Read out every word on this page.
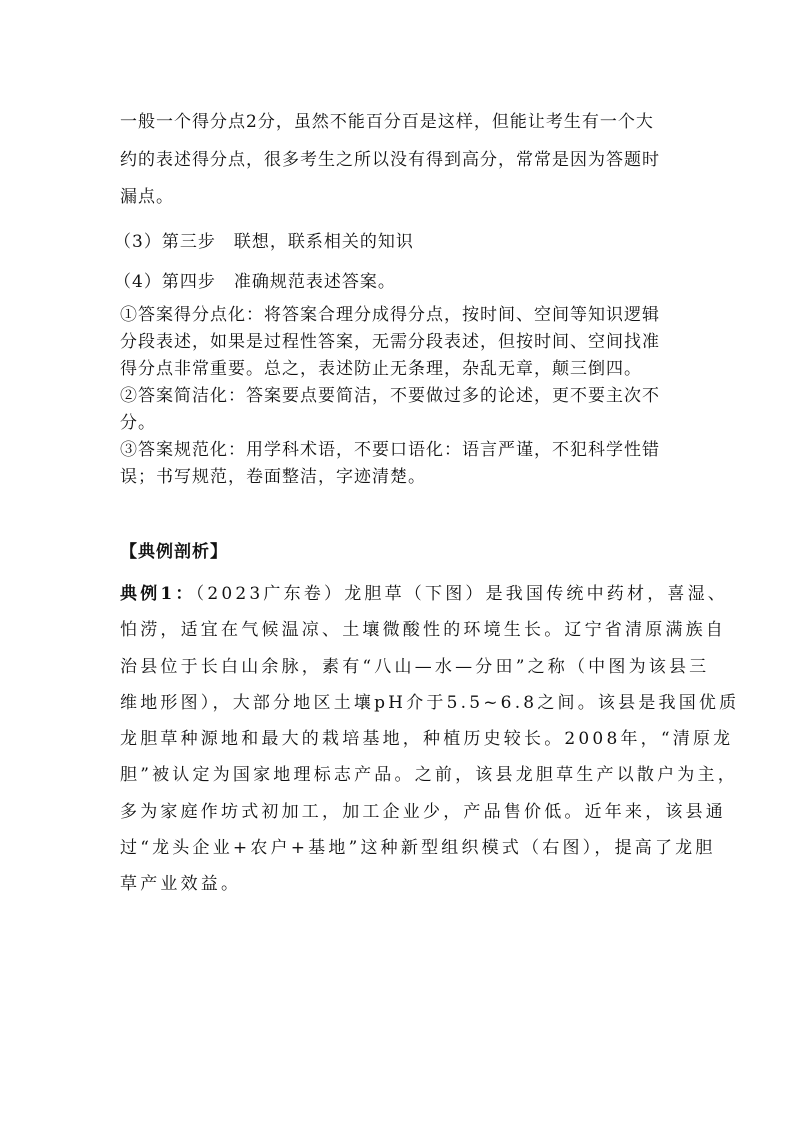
一般一个得分点2分，虽然不能百分百是这样，但能让考生有一个大

约的表述得分点，很多考生之所以没有得到高分，常常是因为答题时

漏点。

（3）第三步　联想，联系相关的知识

（4）第四步　准确规范表述答案。

①答案得分点化：将答案合理分成得分点，按时间、空间等知识逻辑

分段表述，如果是过程性答案，无需分段表述，但按时间、空间找准

得分点非常重要。总之，表述防止无条理，杂乱无章，颠三倒四。

②答案简洁化：答案要点要简洁，不要做过多的论述，更不要主次不

分。

③答案规范化：用学科术语，不要口语化：语言严谨，不犯科学性错

误；书写规范，卷面整洁，字迹清楚。

【典例剖析】

典例1：（2023广东卷）龙胆草（下图）是我国传统中药材，喜湿、

怕涝，适宜在气候温凉、土壤微酸性的环境生长。辽宁省清原满族自

治县位于长白山余脉，素有“八山—水—分田”之称（中图为该县三

维地形图），大部分地区土壤pH介于5.5~6.8之间。该县是我国优质

龙胆草种源地和最大的栽培基地，种植历史较长。2008年，“清原龙

胆”被认定为国家地理标志产品。之前，该县龙胆草生产以散户为主，

多为家庭作坊式初加工，加工企业少，产品售价低。近年来，该县通

过“龙头企业+农户+基地”这种新型组织模式（右图），提高了龙胆

草产业效益。
